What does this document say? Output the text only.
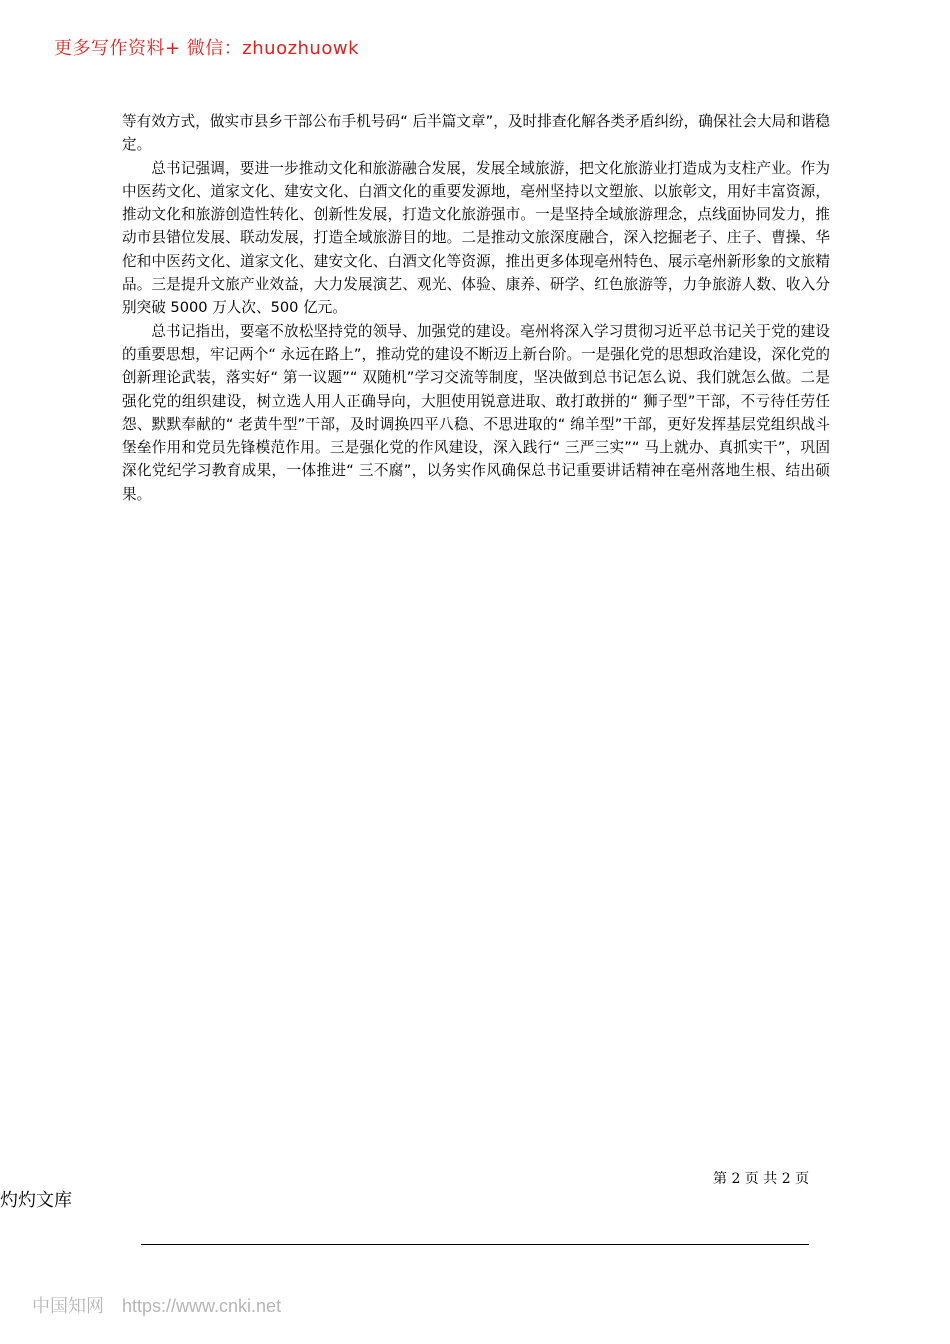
更多写作资料+ 微信：zhuozhuowk

等有效方式，做实市县乡干部公布手机号码“ 后半篇文章”，及时排查化解各类矛盾纠纷，确保社会大局和谐稳定。

总书记强调，要进一步推动文化和旅游融合发展，发展全域旅游，把文化旅游业打造成为支柱产业。作为中医药文化、道家文化、建安文化、白酒文化的重要发源地，亳州坚持以文塑旅、以旅彰文，用好丰富资源，推动文化和旅游创造性转化、创新性发展，打造文化旅游强市。一是坚持全域旅游理念，点线面协同发力，推动市县错位发展、联动发展，打造全域旅游目的地。二是推动文旅深度融合，深入挖掘老子、庄子、曹操、华佗和中医药文化、道家文化、建安文化、白酒文化等资源，推出更多体现亳州特色、展示亳州新形象的文旅精品。三是提升文旅产业效益，大力发展演艺、观光、体验、康养、研学、红色旅游等，力争旅游人数、收入分别突破 5000 万人次、500 亿元。

总书记指出，要毫不放松坚持党的领导、加强党的建设。亳州将深入学习贯彻习近平总书记关于党的建设的重要思想，牢记两个“ 永远在路上”，推动党的建设不断迈上新台阶。一是强化党的思想政治建设，深化党的创新理论武装，落实好“ 第一议题”“ 双随机”学习交流等制度，坚决做到总书记怎么说、我们就怎么做。二是强化党的组织建设，树立选人用人正确导向，大胆使用锐意进取、敢打敢拼的“ 狮子型”干部，不亏待任劳任怨、默默奉献的“ 老黄牛型”干部，及时调换四平八稳、不思进取的“ 绵羊型”干部，更好发挥基层党组织战斗堡垒作用和党员先锋模范作用。三是强化党的作风建设，深入践行“ 三严三实”“ 马上就办、真抓实干”，巩固深化党纪学习教育成果，一体推进“ 三不腐”，以务实作风确保总书记重要讲话精神在亳州落地生根、结出硕果。

第 2 页 共 2 页
灼灼文库
中国知网 https://www.cnki.net
